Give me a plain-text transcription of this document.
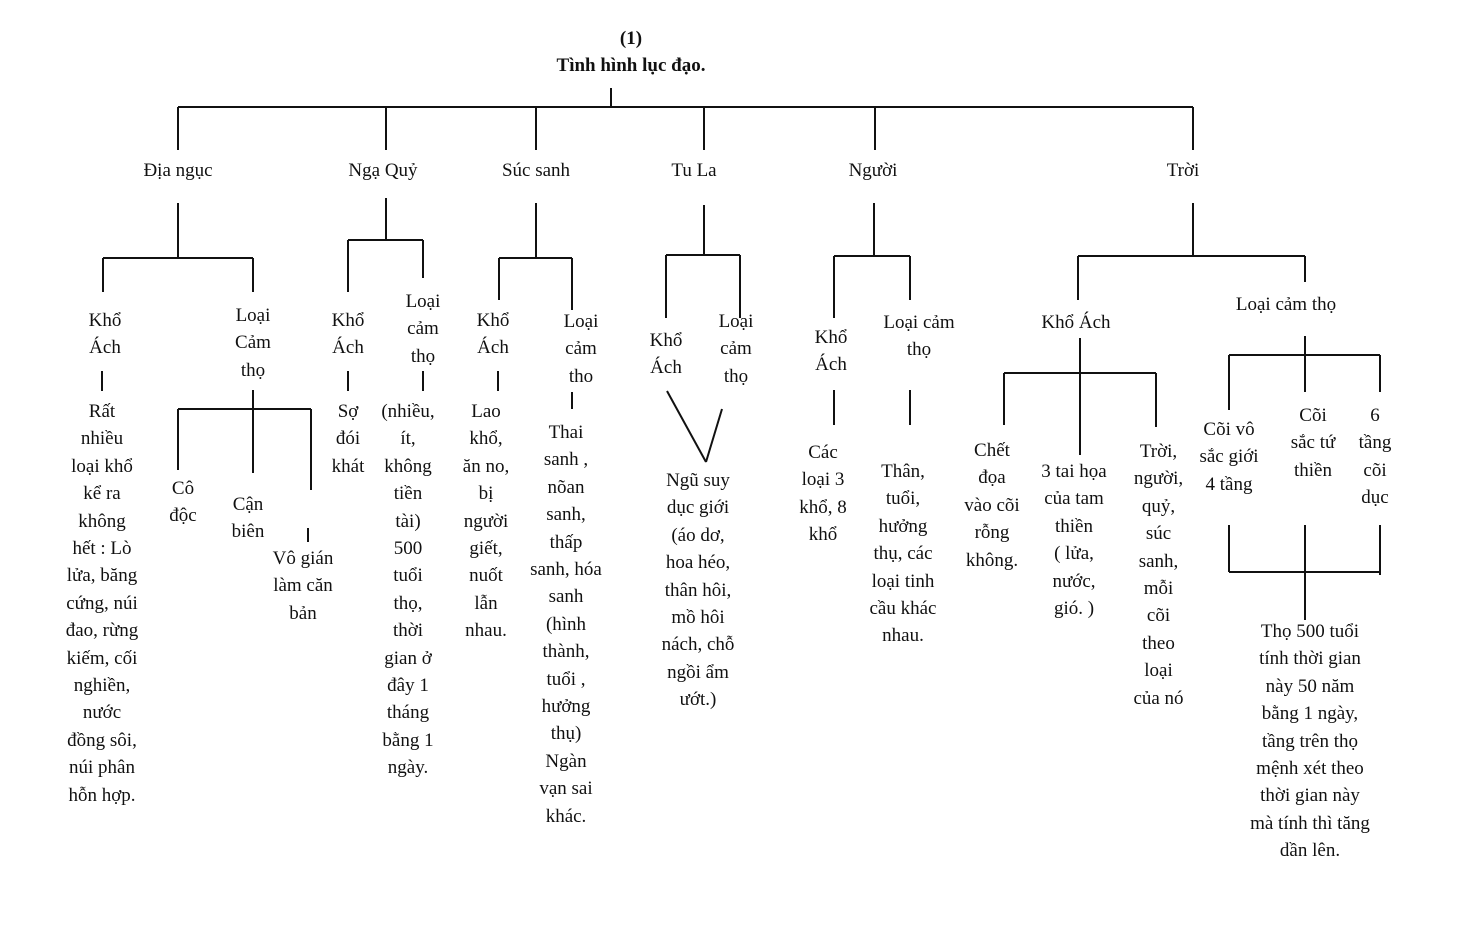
(1)
Tình hình lục đạo.
Địa ngục	Ngạ Quỷ	Súc sanh	Tu La	Người	Trời
Khổ
Ách
Rất
nhiều
loại khổ
kể ra
không
hết : Lò
lửa, băng
cứng, núi
đao, rừng
kiếm, cối
nghiền,
nước
đồng sôi,
núi phân
hỗn hợp.
Loại
Cảm
thọ
Cô
độc
Cận
biên
Vô gián
làm căn
bản
Khổ
Ách
Sợ
đói
khát
Loại
cảm
thọ
(nhiều,
ít,
không
tiền
tài)
500
tuổi
thọ,
thời
gian ở
đây 1
tháng
bằng 1
ngày.
Khổ
Ách
Lao
khổ,
ăn no,
bị
người
giết,
nuốt
lẫn
nhau.
Loại
cảm
tho
Thai
sanh ,
nõan
sanh,
thấp
sanh, hóa
sanh
(hình
thành,
tuổi ,
hưởng
thụ)
Ngàn
vạn sai
khác.
Khổ
Ách
Loại
cảm
thọ
Ngũ suy
dục giới
(áo dơ,
hoa héo,
thân hôi,
mồ hôi
nách, chỗ
ngồi ẩm
ướt.)
Khổ
Ách
Các
loại 3
khổ, 8
khổ
Loại cảm
thọ
Thân,
tuổi,
hưởng
thụ, các
loại tinh
cầu khác
nhau.
Khổ Ách
Chết
đọa
vào cõi
rỗng
không.
3 tai họa
của tam
thiền
( lửa,
nước,
gió. )
Trời,
người,
quỷ,
súc
sanh,
mỗi
cõi
theo
loại
của nó
Loại cảm thọ
Cõi vô
sắc giới
4 tầng
Cõi
sắc tứ
thiền
6
tầng
cõi
dục
Thọ 500 tuổi
tính thời gian
này 50 năm
bằng 1 ngày,
tầng trên thọ
mệnh xét theo
thời gian này
mà tính thì tăng
dần lên.
